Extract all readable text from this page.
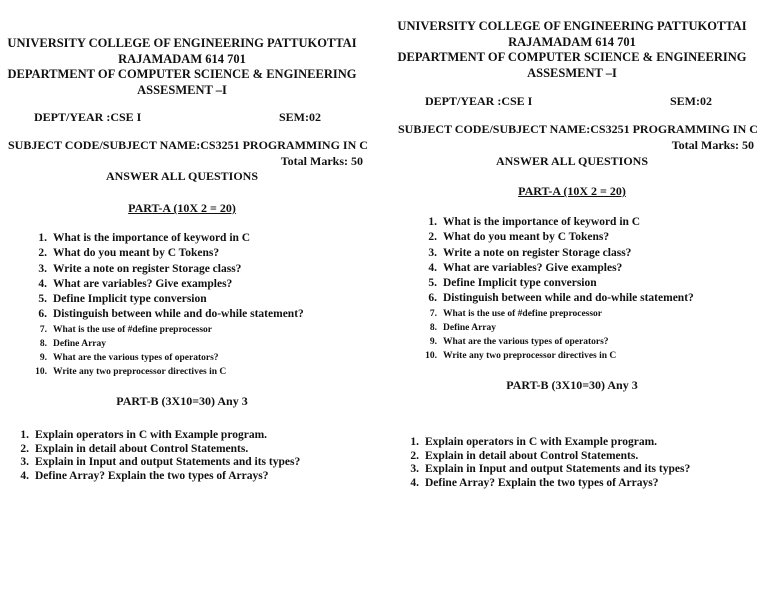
UNIVERSITY COLLEGE OF ENGINEERING PATTUKOTTAI
RAJAMADAM 614 701
DEPARTMENT OF COMPUTER SCIENCE & ENGINEERING
ASSESMENT –I
DEPT/YEAR :CSE I	SEM:02
SUBJECT CODE/SUBJECT NAME:CS3251 PROGRAMMING IN C
Total Marks: 50
ANSWER ALL QUESTIONS
PART-A (10X 2 = 20)
1. What is the importance of keyword in C
2. What do you meant by C Tokens?
3. Write a note on register Storage class?
4. What are variables? Give examples?
5. Define Implicit type conversion
6. Distinguish between while and do-while statement?
7. What is the use of #define preprocessor
8. Define Array
9. What are the various types of operators?
10. Write any two preprocessor directives in C
PART-B (3X10=30) Any 3
1. Explain operators in C with Example program.
2. Explain in detail about Control Statements.
3. Explain in Input and output Statements and its types?
4. Define Array? Explain the two types of Arrays?
UNIVERSITY COLLEGE OF ENGINEERING PATTUKOTTAI
RAJAMADAM 614 701
DEPARTMENT OF COMPUTER SCIENCE & ENGINEERING
ASSESMENT –I
DEPT/YEAR :CSE I	SEM:02
SUBJECT CODE/SUBJECT NAME:CS3251 PROGRAMMING IN C
Total Marks: 50
ANSWER ALL QUESTIONS
PART-A (10X 2 = 20)
1. What is the importance of keyword in C
2. What do you meant by C Tokens?
3. Write a note on register Storage class?
4. What are variables? Give examples?
5. Define Implicit type conversion
6. Distinguish between while and do-while statement?
7. What is the use of #define preprocessor
8. Define Array
9. What are the various types of operators?
10. Write any two preprocessor directives in C
PART-B (3X10=30) Any 3
1. Explain operators in C with Example program.
2. Explain in detail about Control Statements.
3. Explain in Input and output Statements and its types?
4. Define Array? Explain the two types of Arrays?
